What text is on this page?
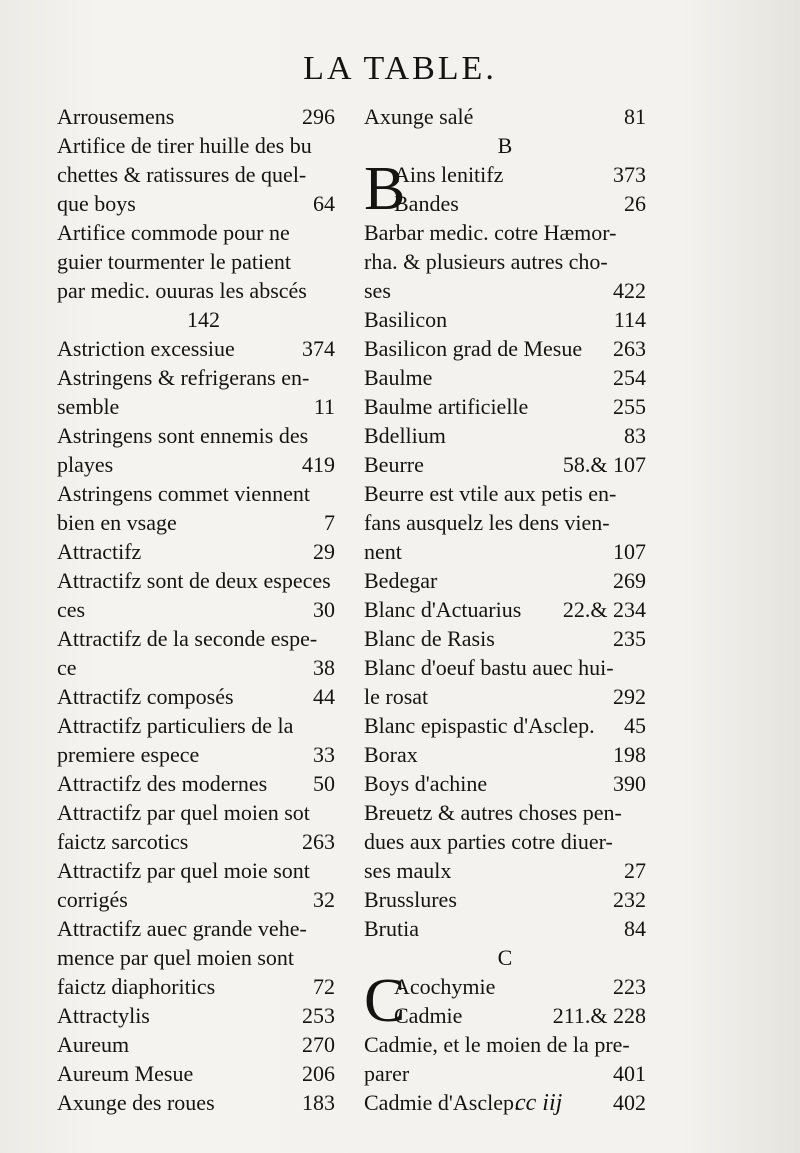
LA TABLE.
Arrousemens	296
Artifice de tirer huille des bu
chettes & ratissures de quel-
que boys	64
Artifice commode pour ne
guier tourmenter le patient
par medic. ouuras les abscés
142
Astriction excessiue	374
Astringens & refrigerans en-
semble	11
Astringens sont ennemis des
playes	419
Astringens commet viennent
bien en vsage	7
Attractifz	29
Attractifz sont de deux especes
ces	30
Attractifz de la seconde espe-
ce	38
Attractifz composés	44
Attractifz particuliers de la
premiere espece	33
Attractifz des modernes 50
Attractifz par quel moien sot
faictz sarcotics	263
Attractifz par quel moie sont
corrigés	32
Attractifz auec grande vehe-
mence par quel moien sont
faictz diaphoritics	72
Attractylis	253
Aureum	270
Aureum Mesue	206
Axunge des roues	183
Axunge salé	81
B
B
Ains lenitifz	373
Bandes	26
Barbar medic. cotre Hæmor-
rha. & plusieurs autres cho-
ses	422
Basilicon	114
Basilicon grad de Mesue 263
Baulme	254
Baulme artificielle	255
Bdellium	83
Beurre	58.& 107
Beurre est vtile aux petis en-
fans ausquelz les dens vien-
nent	107
Bedegar	269
Blanc d'Actuarius 22.& 234
Blanc de Rasis	235
Blanc d'oeuf bastu auec hui-
le rosat	292
Blanc epispastic d'Asclep. 45
Borax	198
Boys d'achine	390
Breuetz & autres choses pen-
dues aux parties cotre diuer-
ses maulx	27
Brusslures	232
Brutia	84
C
C
Acochymie	223
Cadmie	211.& 228
Cadmie, et le moien de la pre-
parer	401
Cadmie d'Asclep.	402
cc iij
